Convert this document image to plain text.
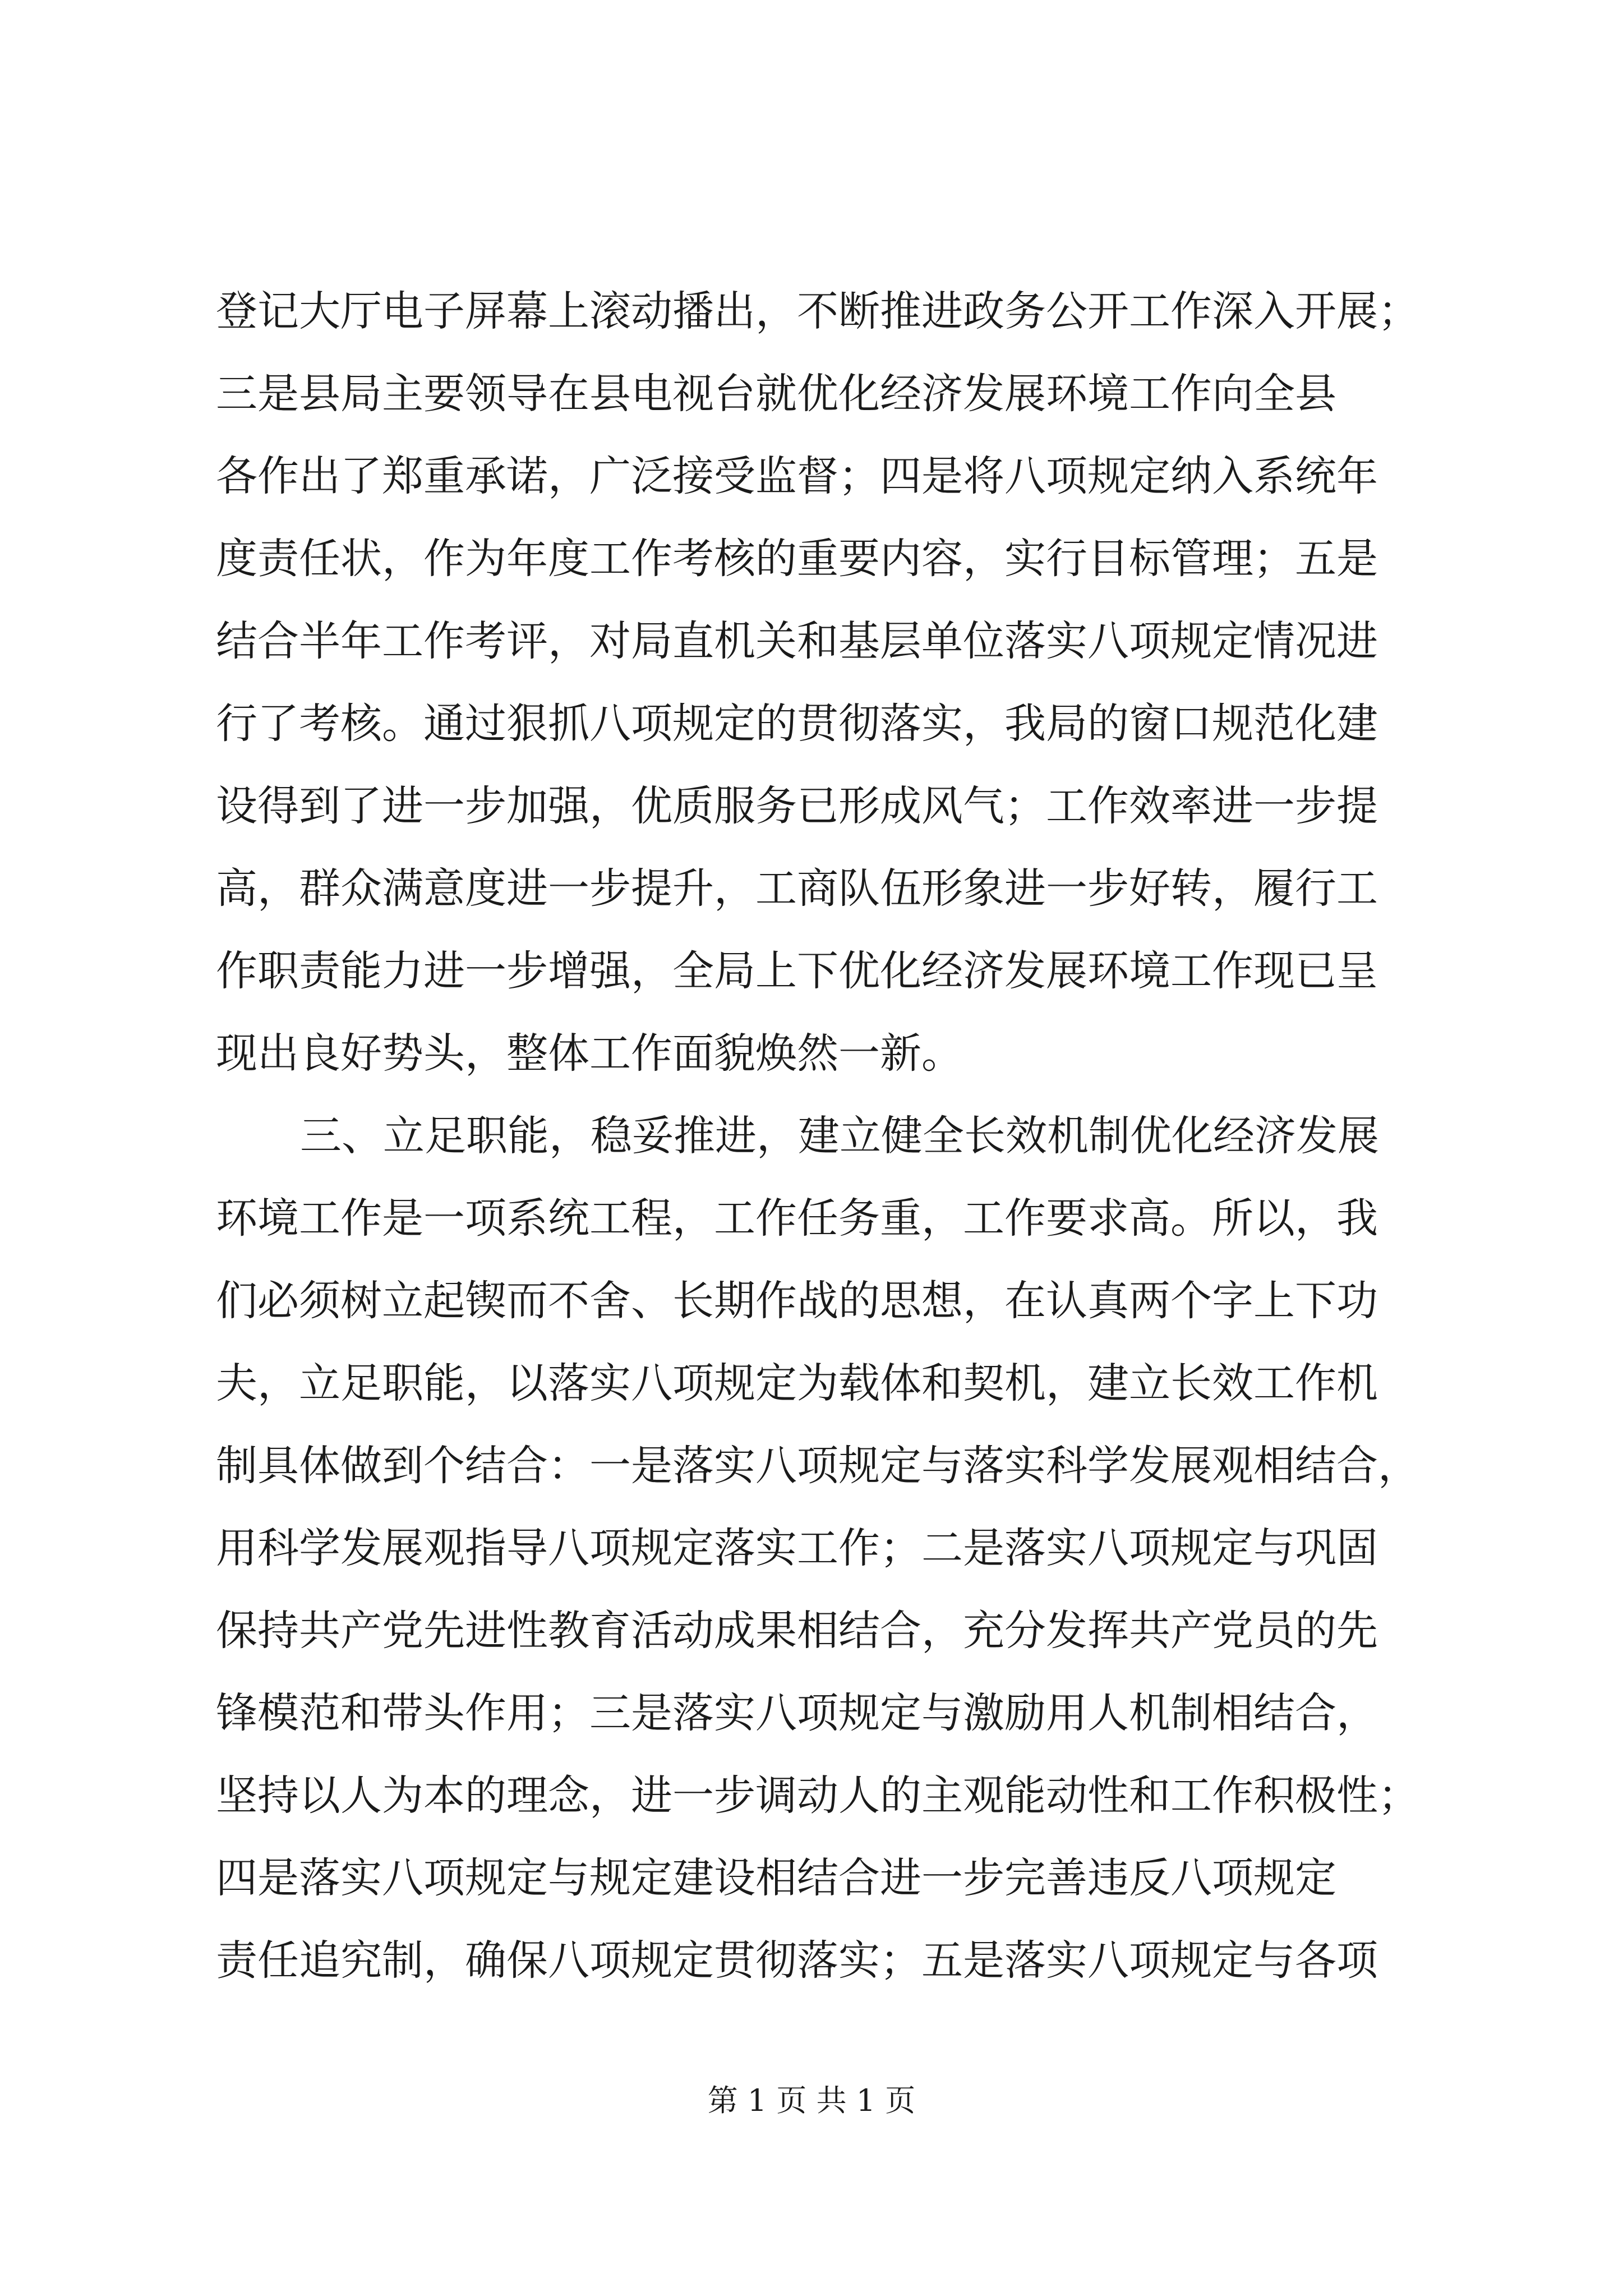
登记大厅电子屏幕上滚动播出，不断推进政务公开工作深入开展；
三是县局主要领导在县电视台就优化经济发展环境工作向全县
各作出了郑重承诺，广泛接受监督；四是将八项规定纳入系统年
度责任状，作为年度工作考核的重要内容，实行目标管理；五是
结合半年工作考评，对局直机关和基层单位落实八项规定情况进
行了考核。通过狠抓八项规定的贯彻落实，我局的窗口规范化建
设得到了进一步加强，优质服务已形成风气；工作效率进一步提
高，群众满意度进一步提升，工商队伍形象进一步好转，履行工
作职责能力进一步增强，全局上下优化经济发展环境工作现已呈
现出良好势头，整体工作面貌焕然一新。
三、立足职能，稳妥推进，建立健全长效机制优化经济发展
环境工作是一项系统工程，工作任务重，工作要求高。所以，我
们必须树立起锲而不舍、长期作战的思想，在认真两个字上下功
夫，立足职能，以落实八项规定为载体和契机，建立长效工作机
制具体做到个结合：一是落实八项规定与落实科学发展观相结合，
用科学发展观指导八项规定落实工作；二是落实八项规定与巩固
保持共产党先进性教育活动成果相结合，充分发挥共产党员的先
锋模范和带头作用；三是落实八项规定与激励用人机制相结合，
坚持以人为本的理念，进一步调动人的主观能动性和工作积极性；
四是落实八项规定与规定建设相结合进一步完善违反八项规定
责任追究制，确保八项规定贯彻落实；五是落实八项规定与各项
第 1 页 共 1 页
